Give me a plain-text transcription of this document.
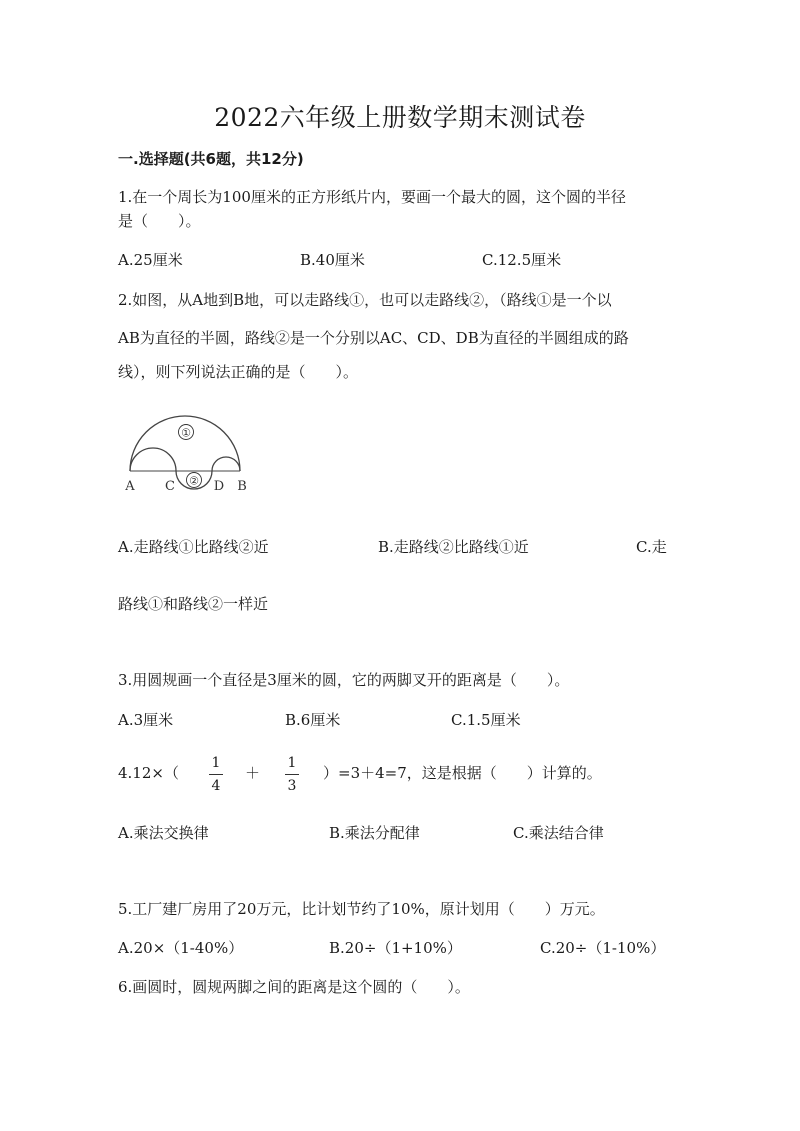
2022六年级上册数学期末测试卷
一.选择题(共6题，共12分)
1.在一个周长为100厘米的正方形纸片内，要画一个最大的圆，这个圆的半径
是（　　）。
A.25厘米	B.40厘米	C.12.5厘米
2.如图，从A地到B地，可以走路线①，也可以走路线②，（路线①是一个以
AB为直径的半圆，路线②是一个分别以AC、CD、DB为直径的半圆组成的路
线），则下列说法正确的是（　　）。
①
②
A C	D B
A.走路线①比路线②近	B.走路线②比路线①近	C.走
路线①和路线②一样近
3.用圆规画一个直径是3厘米的圆，它的两脚叉开的距离是（　　）。
A.3厘米	B.6厘米	C.1.5厘米
4.12×（
1
4
＋
1
3
）=3＋4=7，这是根据（　　）计算的。
A.乘法交换律	B.乘法分配律	C.乘法结合律
5.工厂建厂房用了20万元，比计划节约了10%，原计划用（　　）万元。
A.20×（1-40%）	B.20÷（1+10%）	C.20÷（1-10%）
6.画圆时，圆规两脚之间的距离是这个圆的（　　）。
